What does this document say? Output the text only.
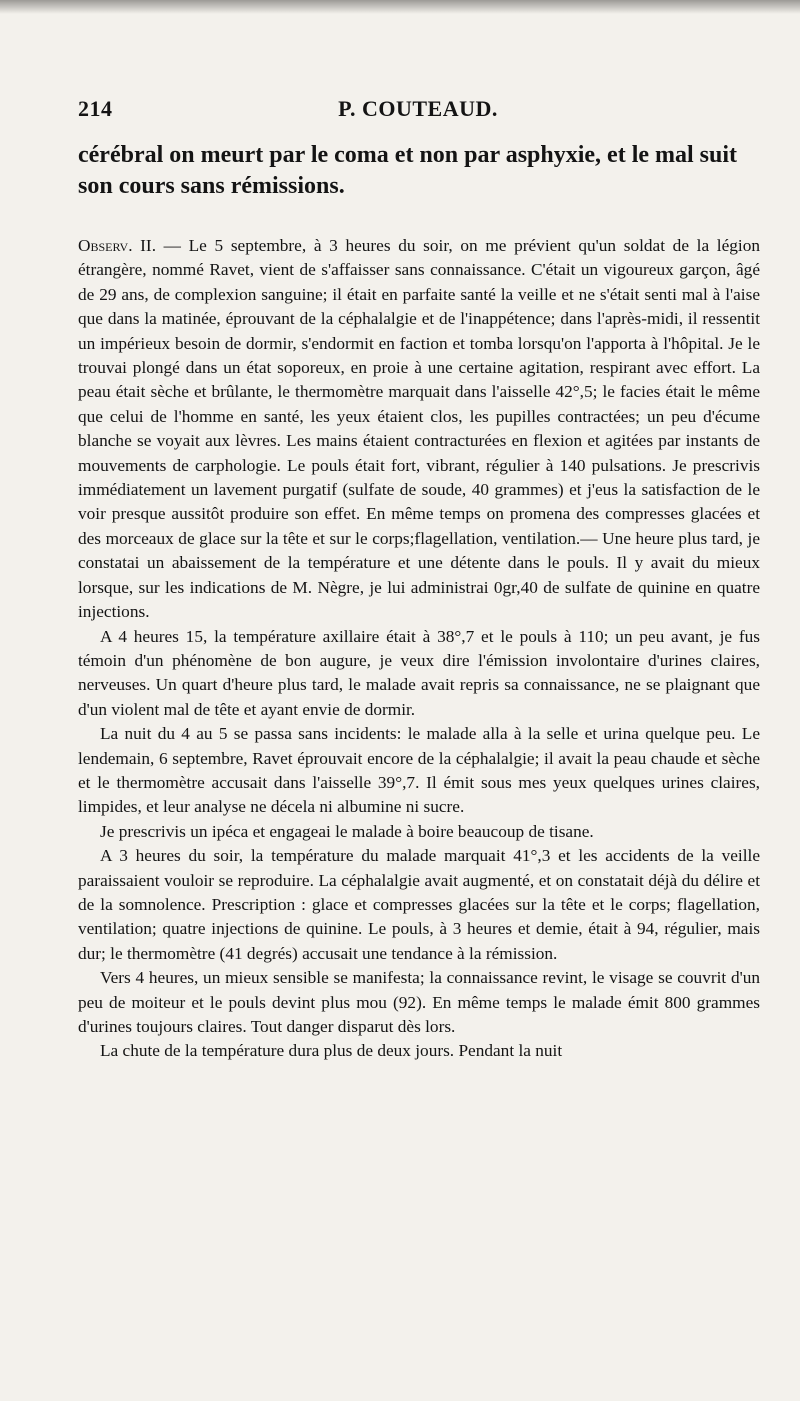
214	P. COUTEAUD.

cérébral on meurt par le coma et non par asphyxie, et le mal suit son cours sans rémissions.

Observ. II. — Le 5 septembre, à 3 heures du soir, on me prévient qu'un soldat de la légion étrangère, nommé Ravet, vient de s'affaisser sans connaissance. C'était un vigoureux garçon, âgé de 29 ans, de complexion sanguine; il était en parfaite santé la veille et ne s'était senti mal à l'aise que dans la matinée, éprouvant de la céphalalgie et de l'inappétence; dans l'après-midi, il ressentit un impérieux besoin de dormir, s'endormit en faction et tomba lorsqu'on l'apporta à l'hôpital. Je le trouvai plongé dans un état soporeux, en proie à une certaine agitation, respirant avec effort. La peau était sèche et brûlante, le thermomètre marquait dans l'aisselle 42°,5; le facies était le même que celui de l'homme en santé, les yeux étaient clos, les pupilles contractées; un peu d'écume blanche se voyait aux lèvres. Les mains étaient contracturées en flexion et agitées par instants de mouvements de carphologie. Le pouls était fort, vibrant, régulier à 140 pulsations. Je prescrivis immédiatement un lavement purgatif (sulfate de soude, 40 grammes) et j'eus la satisfaction de le voir presque aussitôt produire son effet. En même temps on promena des compresses glacées et des morceaux de glace sur la tête et sur le corps;flagellation, ventilation.— Une heure plus tard, je constatai un abaissement de la température et une détente dans le pouls. Il y avait du mieux lorsque, sur les indications de M. Nègre, je lui administrai 0gr,40 de sulfate de quinine en quatre injections.

A 4 heures 15, la température axillaire était à 38°,7 et le pouls à 110; un peu avant, je fus témoin d'un phénomène de bon augure, je veux dire l'émission involontaire d'urines claires, nerveuses. Un quart d'heure plus tard, le malade avait repris sa connaissance, ne se plaignant que d'un violent mal de tête et ayant envie de dormir.

La nuit du 4 au 5 se passa sans incidents: le malade alla à la selle et urina quelque peu. Le lendemain, 6 septembre, Ravet éprouvait encore de la céphalalgie; il avait la peau chaude et sèche et le thermomètre accusait dans l'aisselle 39°,7. Il émit sous mes yeux quelques urines claires, limpides, et leur analyse ne décela ni albumine ni sucre.

Je prescrivis un ipéca et engageai le malade à boire beaucoup de tisane.

A 3 heures du soir, la température du malade marquait 41°,3 et les accidents de la veille paraissaient vouloir se reproduire. La céphalalgie avait augmenté, et on constatait déjà du délire et de la somnolence. Prescription : glace et compresses glacées sur la tête et le corps; flagellation, ventilation; quatre injections de quinine. Le pouls, à 3 heures et demie, était à 94, régulier, mais dur; le thermomètre (41 degrés) accusait une tendance à la rémission.

Vers 4 heures, un mieux sensible se manifesta; la connaissance revint, le visage se couvrit d'un peu de moiteur et le pouls devint plus mou (92). En même temps le malade émit 800 grammes d'urines toujours claires. Tout danger disparut dès lors.

La chute de la température dura plus de deux jours. Pendant la nuit
